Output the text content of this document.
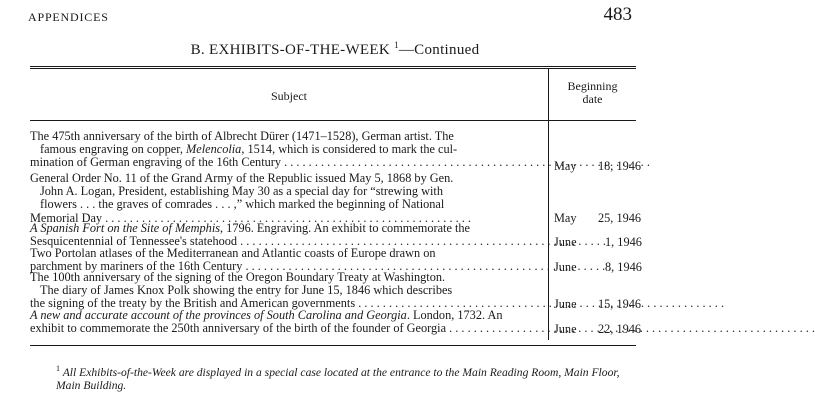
APPENDICES	483
B. EXHIBITS-OF-THE-WEEK $^1$—Continued
Subject
Beginning
date

The 475th anniversary of the birth of Albrecht Dürer (1471–1528), German artist. The
famous engraving on copper, Melencolia, 1514, which is considered to mark the cul-

mination of German engraving of the 16th Century . . .	May 18, 1946

General Order No. 11 of the Grand Army of the Republic issued May 5, 1868 by Gen.
John A. Logan, President, establishing May 30 as a special day for “strewing with
flowers . . . the graves of comrades . . . ,” which marked the beginning of National

Memorial Day . . .	May 25, 1946

A Spanish Fort on the Site of Memphis, 1796. Engraving. An exhibit to commemorate the

Sesquicentennial of Tennessee's statehood . . .	June 1, 1946

Two Portolan atlases of the Mediterranean and Atlantic coasts of Europe drawn on

parchment by mariners of the 16th Century . . .	June 8, 1946

The 100th anniversary of the signing of the Oregon Boundary Treaty at Washington.
The diary of James Knox Polk showing the entry for June 15, 1846 which describes

the signing of the treaty by the British and American governments . . .	June 15, 1946

A new and accurate account of the provinces of South Carolina and Georgia. London, 1732. An

exhibit to commemorate the 250th anniversary of the birth of the founder of Georgia . . .	June 22, 1946
$^1$ All Exhibits-of-the-Week are displayed in a special case located at the entrance to the Main Reading Room, Main Floor, Main Building.
